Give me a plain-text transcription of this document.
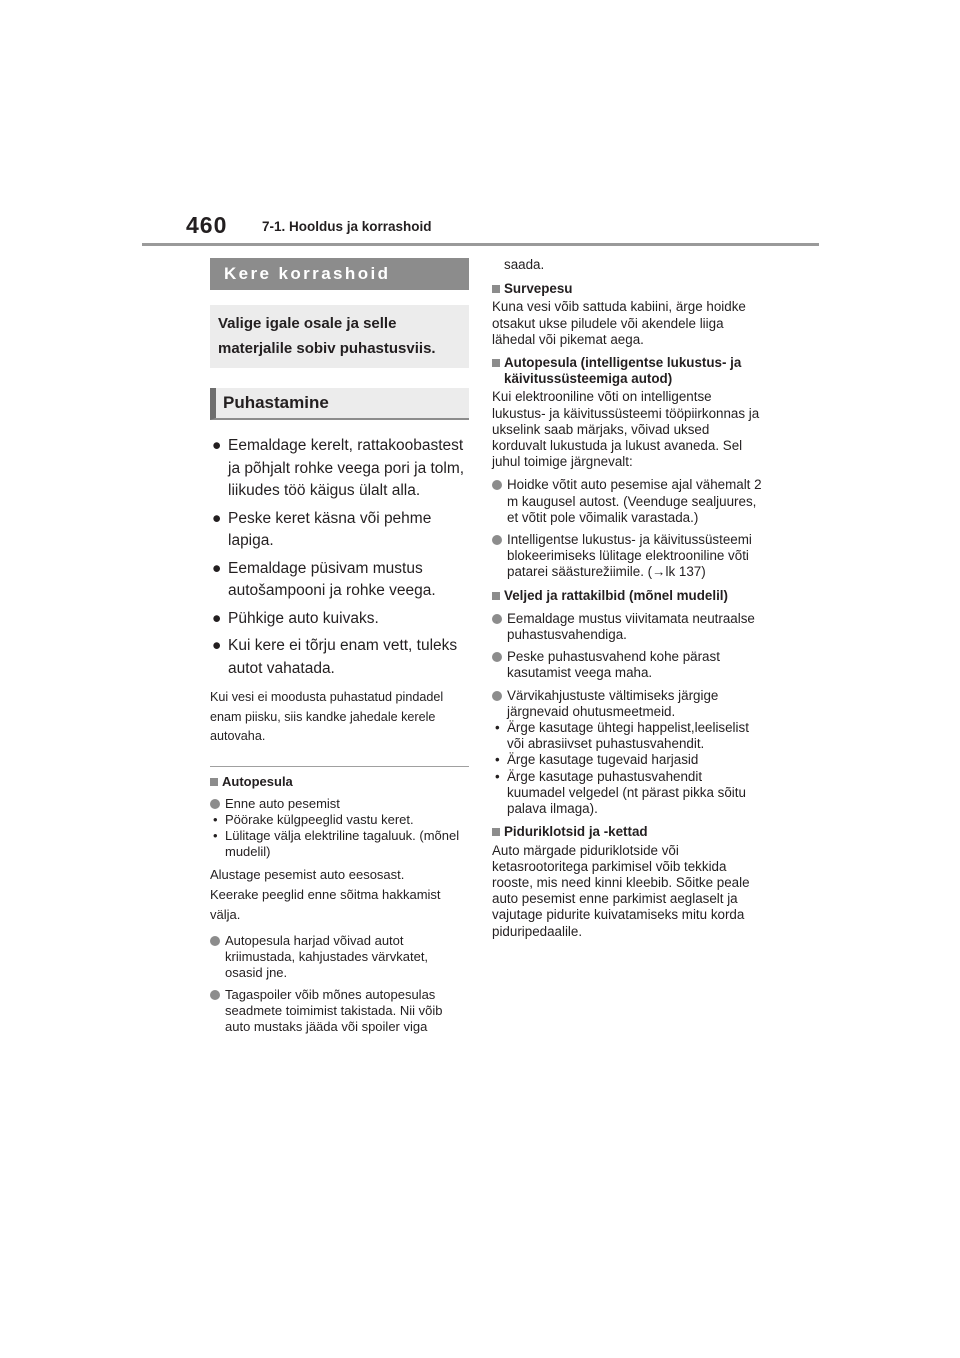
460	7-1. Hooldus ja korrashoid
Kere korrashoid
Valige igale osale ja selle materjalile sobiv puhastusviis.
Puhastamine
● Eemaldage kerelt, rattakoobastest ja põhjalt rohke veega pori ja tolm, liikudes töö käigus ülalt alla.
● Peske keret käsna või pehme lapiga.
● Eemaldage püsivam mustus autošampooni ja rohke veega.
● Pühkige auto kuivaks.
● Kui kere ei tõrju enam vett, tuleks autot vahatada.
Kui vesi ei moodusta puhastatud pindadel enam piisku, siis kandke jahedale kerele autovaha.
Autopesula
Enne auto pesemist
• Pöörake külgpeeglid vastu keret.
• Lülitage välja elektriline tagaluuk. (mõnel mudelil)
Alustage pesemist auto eesosast.
Keerake peeglid enne sõitma hakkamist välja.
Autopesula harjad võivad autot kriimustada, kahjustades värvkatet, osasid jne.
Tagaspoiler võib mõnes autopesulas seadmete toimimist takistada. Nii võib auto mustaks jääda või spoiler viga
saada.
Survepesu
Kuna vesi võib sattuda kabiini, ärge hoidke otsakut ukse piludele või akendele liiga lähedal või pikemat aega.
Autopesula (intelligentse lukustus- ja käivitussüsteemiga autod)
Kui elektrooniline võti on intelligentse lukustus- ja käivitussüsteemi tööpiirkonnas ja ukselink saab märjaks, võivad uksed korduvalt lukustuda ja lukust avaneda. Sel juhul toimige järgnevalt:
Hoidke võtit auto pesemise ajal vähemalt 2 m kaugusel autost. (Veenduge sealjuures, et võtit pole võimalik varastada.)
Intelligentse lukustus- ja käivitussüsteemi blokeerimiseks lülitage elektrooniline võti patarei säästurežiimile. (→lk 137)
Veljed ja rattakilbid (mõnel mudelil)
Eemaldage mustus viivitamata neutraalse puhastusvahendiga.
Peske puhastusvahend kohe pärast kasutamist veega maha.
Värvikahjustuste vältimiseks järgige järgnevaid ohutusmeetmeid.
• Ärge kasutage ühtegi happelist,leeliselist või abrasiivset puhastusvahendit.
• Ärge kasutage tugevaid harjasid
• Ärge kasutage puhastusvahendit kuumadel velgedel (nt pärast pikka sõitu palava ilmaga).
Piduriklotsid ja -kettad
Auto märgade piduriklotside või ketasrootoritega parkimisel võib tekkida rooste, mis need kinni kleebib. Sõitke peale auto pesemist enne parkimist aeglaselt ja vajutage pidurite kuivatamiseks mitu korda piduripedaalile.
